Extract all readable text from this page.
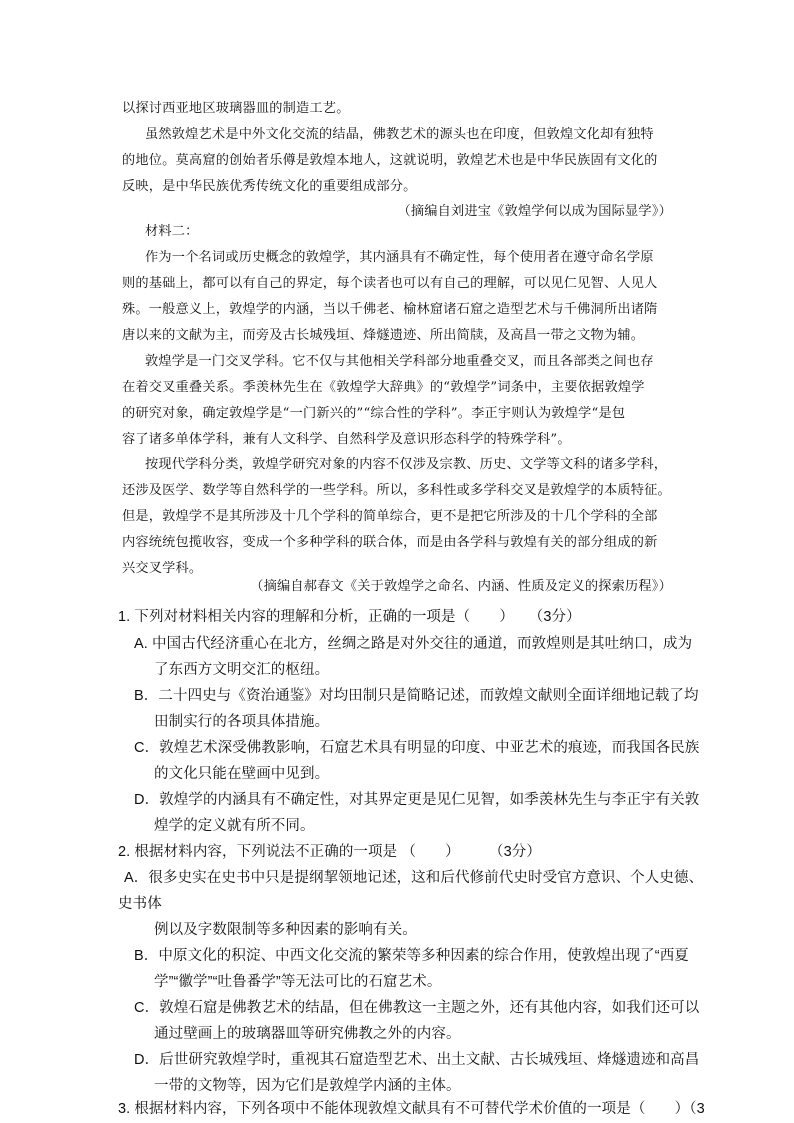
以探讨西亚地区玻璃器皿的制造工艺。
虽然敦煌艺术是中外文化交流的结晶，佛教艺术的源头也在印度，但敦煌文化却有独特
的地位。莫高窟的创始者乐僔是敦煌本地人，这就说明，敦煌艺术也是中华民族固有文化的
反映，是中华民族优秀传统文化的重要组成部分。
（摘编自刘进宝《敦煌学何以成为国际显学》）
材料二：
作为一个名词或历史概念的敦煌学，其内涵具有不确定性，每个使用者在遵守命名学原
则的基础上，都可以有自己的界定，每个读者也可以有自己的理解，可以见仁见智、人见人
殊。一般意义上，敦煌学的内涵，当以千佛老、榆林窟诸石窟之造型艺术与千佛洞所出诸隋
唐以来的文献为主，而旁及古长城残垣、烽燧遗迹、所出简牍，及高昌一带之文物为辅。
敦煌学是一门交叉学科。它不仅与其他相关学科部分地重叠交叉，而且各部类之间也存
在着交叉重叠关系。季羡林先生在《敦煌学大辞典》的“敦煌学”词条中，主要依据敦煌学
的研究对象，确定敦煌学是“一门新兴的”“综合性的学科”。李正宇则认为敦煌学“是包
容了诸多单体学科，兼有人文科学、自然科学及意识形态科学的特殊学科”。
按现代学科分类，敦煌学研究对象的内容不仅涉及宗教、历史、文学等文科的诸多学科，
还涉及医学、数学等自然科学的一些学科。所以，多科性或多学科交叉是敦煌学的本质特征。
但是，敦煌学不是其所涉及十几个学科的简单综合，更不是把它所涉及的十几个学科的全部
内容统统包揽收容，变成一个多种学科的联合体，而是由各学科与敦煌有关的部分组成的新
兴交叉学科。
（摘编自郝春文《关于敦煌学之命名、内涵、性质及定义的探索历程》）
1. 下列对材料相关内容的理解和分析，正确的一项是（　　）　　（3分）
A. 中国古代经济重心在北方，丝绸之路是对外交往的通道，而敦煌则是其吐纳口，成为
了东西方文明交汇的枢纽。
B．二十四史与《资治通鉴》对均田制只是简略记述，而敦煌文献则全面详细地记载了均
田制实行的各项具体措施。
C．敦煌艺术深受佛教影响，石窟艺术具有明显的印度、中亚艺术的痕迹，而我国各民族
的文化只能在壁画中见到。
D．敦煌学的内涵具有不确定性，对其界定更是见仁见智，如季羡林先生与李正宇有关敦
煌学的定义就有所不同。
2. 根据材料内容，下列说法不正确的一项是 （　　）　　　（3分）
A．很多史实在史书中只是提纲挈领地记述，这和后代修前代史时受官方意识、个人史德、
史书体
例以及字数限制等多种因素的影响有关。
B．中原文化的积淀、中西文化交流的繁荣等多种因素的综合作用，使敦煌出现了“西夏
学”“徽学”“吐鲁番学”等无法可比的石窟艺术。
C．敦煌石窟是佛教艺术的结晶，但在佛教这一主题之外，还有其他内容，如我们还可以
通过壁画上的玻璃器皿等研究佛教之外的内容。
D．后世研究敦煌学时，重视其石窟造型艺术、出土文献、古长城残垣、烽燧遗迹和高昌
一带的文物等，因为它们是敦煌学内涵的主体。
3. 根据材料内容，下列各项中不能体现敦煌文献具有不可替代学术价值的一项是（　　）（3
